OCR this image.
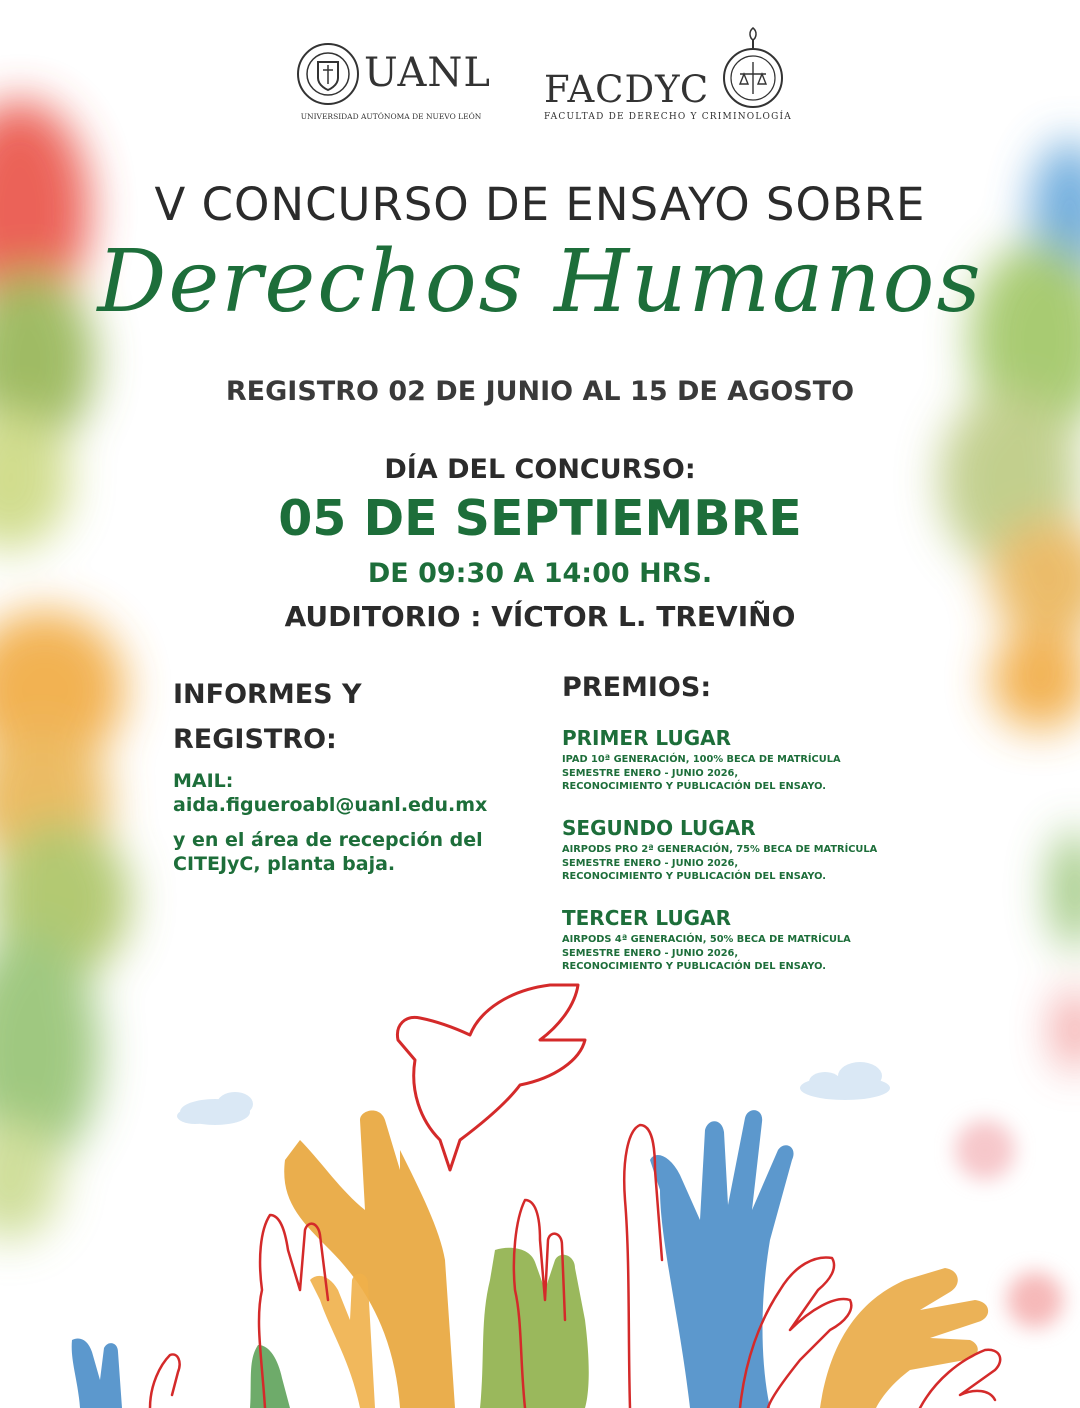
UANL
UNIVERSIDAD AUTÓNOMA DE NUEVO LEÓN
FACDYC
FACULTAD DE DERECHO Y CRIMINOLOGÍA
V CONCURSO DE ENSAYO SOBRE
Derechos Humanos
REGISTRO 02 DE JUNIO AL 15 DE AGOSTO
DÍA DEL CONCURSO:
05 DE SEPTIEMBRE
DE 09:30 A 14:00 HRS.
AUDITORIO : VÍCTOR L. TREVIÑO
INFORMES Y REGISTRO:
MAIL:
aida.figueroabl@uanl.edu.mx
y en el área de recepción del CITEJyC, planta baja.
PREMIOS:
PRIMER LUGAR
IPAD 10ª GENERACIÓN, 100% BECA DE MATRÍCULA
SEMESTRE ENERO - JUNIO 2026,
RECONOCIMIENTO Y PUBLICACIÓN DEL ENSAYO.
SEGUNDO LUGAR
AIRPODS PRO 2ª GENERACIÓN, 75% BECA DE MATRÍCULA
SEMESTRE ENERO - JUNIO 2026,
RECONOCIMIENTO Y PUBLICACIÓN DEL ENSAYO.
TERCER LUGAR
AIRPODS 4ª GENERACIÓN, 50% BECA DE MATRÍCULA
SEMESTRE ENERO - JUNIO 2026,
RECONOCIMIENTO Y PUBLICACIÓN DEL ENSAYO.
